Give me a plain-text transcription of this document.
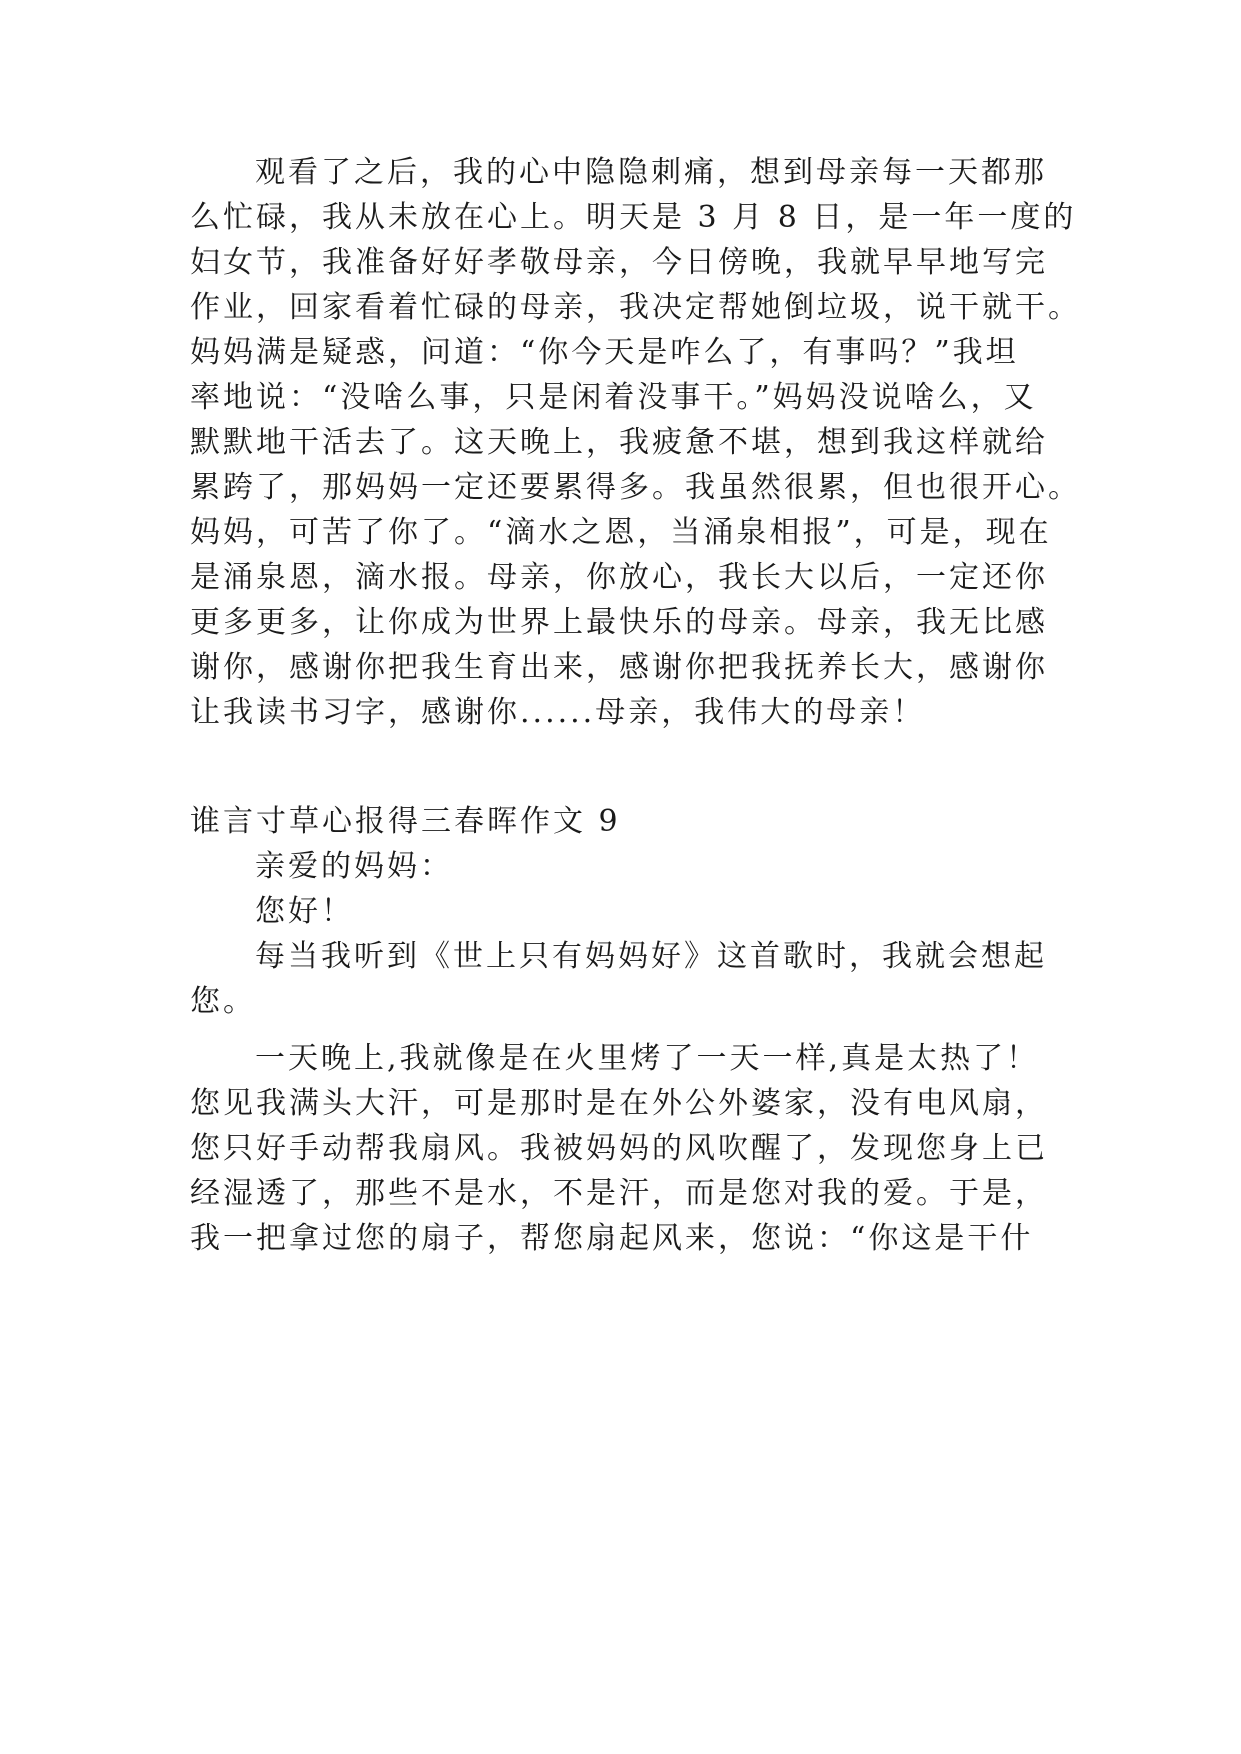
观看了之后，我的心中隐隐刺痛，想到母亲每一天都那
么忙碌，我从未放在心上。明天是 3 月 8 日，是一年一度的
妇女节，我准备好好孝敬母亲，今日傍晚，我就早早地写完
作业，回家看着忙碌的母亲，我决定帮她倒垃圾，说干就干。
妈妈满是疑惑，问道：“你今天是咋么了，有事吗？”我坦
率地说：“没啥么事，只是闲着没事干。”妈妈没说啥么，又
默默地干活去了。这天晚上，我疲惫不堪，想到我这样就给
累跨了，那妈妈一定还要累得多。我虽然很累，但也很开心。
妈妈，可苦了你了。“滴水之恩，当涌泉相报”，可是，现在
是涌泉恩，滴水报。母亲，你放心，我长大以后，一定还你
更多更多，让你成为世界上最快乐的母亲。母亲，我无比感
谢你，感谢你把我生育出来，感谢你把我抚养长大，感谢你
让我读书习字，感谢你......母亲，我伟大的母亲！
谁言寸草心报得三春晖作文 9
亲爱的妈妈：
您好！
每当我听到《世上只有妈妈好》这首歌时，我就会想起
您。
一天晚上,我就像是在火里烤了一天一样,真是太热了！
您见我满头大汗，可是那时是在外公外婆家，没有电风扇，
您只好手动帮我扇风。我被妈妈的风吹醒了，发现您身上已
经湿透了，那些不是水，不是汗，而是您对我的爱。于是，
我一把拿过您的扇子，帮您扇起风来，您说：“你这是干什
